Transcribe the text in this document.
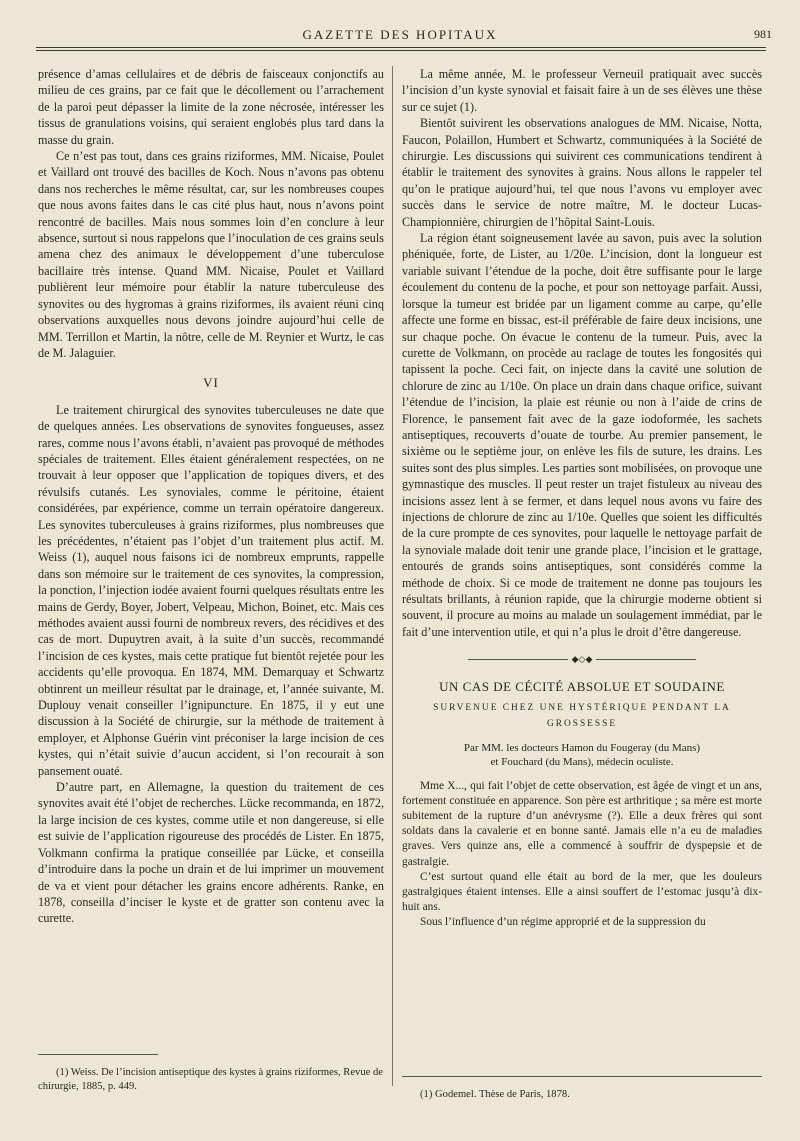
GAZETTE DES HOPITAUX	981

présence d’amas cellulaires et de débris de faisceaux conjonctifs au milieu de ces grains, par ce fait que le décollement ou l’arrachement de la paroi peut dépasser la limite de la zone nécrosée, intéresser les tissus de granulations voisins, qui seraient englobés plus tard dans la masse du grain.

Ce n’est pas tout, dans ces grains riziformes, MM. Nicaise, Poulet et Vaillard ont trouvé des bacilles de Koch. Nous n’avons pas obtenu dans nos recherches le même résultat, car, sur les nombreuses coupes que nous avons faites dans le cas cité plus haut, nous n’avons point rencontré de bacilles. Mais nous sommes loin d’en conclure à leur absence, surtout si nous rappelons que l’inoculation de ces grains seuls amena chez des animaux le développement d’une tuberculose bacillaire très intense. Quand MM. Nicaise, Poulet et Vaillard publièrent leur mémoire pour établir la nature tuberculeuse des synovites ou des hygromas à grains riziformes, ils avaient réuni cinq observations auxquelles nous devons joindre aujourd’hui celle de MM. Terrillon et Martin, la nôtre, celle de M. Reynier et Wurtz, le cas de M. Jalaguier.

VI

Le traitement chirurgical des synovites tuberculeuses ne date que de quelques années. Les observations de synovites fongueuses, assez rares, comme nous l’avons établi, n’avaient pas provoqué de méthodes spéciales de traitement. Elles étaient généralement respectées, on ne trouvait à leur opposer que l’application de topiques divers, et des révulsifs cutanés. Les synoviales, comme le péritoine, étaient considérées, par expérience, comme un terrain opératoire dangereux. Les synovites tuberculeuses à grains riziformes, plus nombreuses que les précédentes, n’étaient pas l’objet d’un traitement plus actif. M. Weiss (1), auquel nous faisons ici de nombreux emprunts, rappelle dans son mémoire sur le traitement de ces synovites, la compression, la ponction, l’injection iodée avaient fourni quelques résultats entre les mains de Gerdy, Boyer, Jobert, Velpeau, Michon, Boinet, etc. Mais ces méthodes avaient aussi fourni de nombreux revers, des récidives et des cas de mort. Dupuytren avait, à la suite d’un succès, recommandé l’incision de ces kystes, mais cette pratique fut bientôt rejetée pour les accidents qu’elle provoqua. En 1874, MM. Demarquay et Schwartz obtinrent un meilleur résultat par le drainage, et, l’année suivante, M. Duplouy venait conseiller l’ignipuncture. En 1875, il y eut une discussion à la Société de chirurgie, sur la méthode de traitement à employer, et Alphonse Guérin vint préconiser la large incision de ces kystes, qui n’était suivie d’aucun accident, si l’on recourait à son pansement ouaté.

D’autre part, en Allemagne, la question du traitement de ces synovites avait été l’objet de recherches. Lücke recommanda, en 1872, la large incision de ces kystes, comme utile et non dangereuse, si elle est suivie de l’application rigoureuse des procédés de Lister. En 1875, Volkmann confirma la pratique conseillée par Lücke, et conseilla d’introduire dans la poche un drain et de lui imprimer un mouvement de va et vient pour détacher les grains encore adhérents. Ranke, en 1878, conseilla d’inciser le kyste et de gratter son contenu avec la curette.

(1) Weiss. De l’incision antiseptique des kystes à grains riziformes, Revue de chirurgie, 1885, p. 449.

La même année, M. le professeur Verneuil pratiquait avec succès l’incision d’un kyste synovial et faisait faire à un de ses élèves une thèse sur ce sujet (1).

Bientôt suivirent les observations analogues de MM. Nicaise, Notta, Faucon, Polaillon, Humbert et Schwartz, communiquées à la Société de chirurgie. Les discussions qui suivirent ces communications tendirent à établir le traitement des synovites à grains. Nous allons le rappeler tel qu’on le pratique aujourd’hui, tel que nous l’avons vu employer avec succès dans le service de notre maître, M. le docteur Lucas-Championnière, chirurgien de l’hôpital Saint-Louis.

La région étant soigneusement lavée au savon, puis avec la solution phéniquée, forte, de Lister, au 1/20e. L’incision, dont la longueur est variable suivant l’étendue de la poche, doit être suffisante pour le large écoulement du contenu de la poche, et pour son nettoyage parfait. Aussi, lorsque la tumeur est bridée par un ligament comme au carpe, qu’elle affecte une forme en bissac, est-il préférable de faire deux incisions, une sur chaque poche. On évacue le contenu de la tumeur. Puis, avec la curette de Volkmann, on procède au raclage de toutes les fongosités qui tapissent la poche. Ceci fait, on injecte dans la cavité une solution de chlorure de zinc au 1/10e. On place un drain dans chaque orifice, suivant l’étendue de l’incision, la plaie est réunie ou non à l’aide de crins de Florence, le pansement fait avec de la gaze iodoformée, les sachets antiseptiques, recouverts d’ouate de tourbe. Au premier pansement, le sixième ou le septième jour, on enlève les fils de suture, les drains. Les suites sont des plus simples. Les parties sont mobilisées, on provoque une gymnastique des muscles. Il peut rester un trajet fistuleux au niveau des incisions assez lent à se fermer, et dans lequel nous avons vu faire des injections de chlorure de zinc au 1/10e. Quelles que soient les difficultés de la cure prompte de ces synovites, pour laquelle le nettoyage parfait de la synoviale malade doit tenir une grande place, l’incision et le grattage, entourés de grands soins antiseptiques, sont considérés comme la méthode de choix. Si ce mode de traitement ne donne pas toujours les résultats brillants, à réunion rapide, que la chirurgie moderne obtient si souvent, il procure au moins au malade un soulagement immédiat, par le fait d’une intervention utile, et qui n’a plus le droit d’être dangereuse.

◆◇◆
UN CAS DE CÉCITÉ ABSOLUE ET SOUDAINE
SURVENUE CHEZ UNE HYSTÉRIQUE PENDANT LA GROSSESSE
Par MM. les docteurs Hamon du Fougeray (du Mans)
et Fouchard (du Mans), médecin oculiste.

Mme X..., qui fait l’objet de cette observation, est âgée de vingt et un ans, fortement constituée en apparence. Son père est arthritique ; sa mère est morte subitement de la rupture d’un anévrysme (?). Elle a deux frères qui sont soldats dans la cavalerie et en bonne santé. Jamais elle n’a eu de maladies graves. Vers quinze ans, elle a commencé à souffrir de dyspepsie et de gastralgie.

C’est surtout quand elle était au bord de la mer, que les douleurs gastralgiques étaient intenses. Elle a ainsi souffert de l’estomac jusqu’à dix-huit ans.

Sous l’influence d’un régime approprié et de la suppression du

(1) Godemel. Thèse de Paris, 1878.
